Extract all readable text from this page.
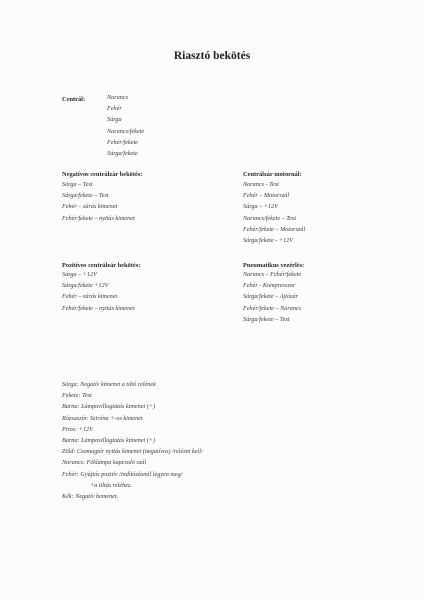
Riasztó bekötés
Centrál:	Narancs
Fehér
Sárga
Narancs/fekete
Fehér/fekete
Sárga/fekete
Negatívos centrálzár bekötés:
Sárga – Test
Sárga/fekete – Test
Fehér – zárás kimenet
Fehér/fekete – nyitás kimenet
Centrálzár motornál:
Narancs - Test
Fehér – Motorszál
Sárga – +12V
Narancs/fekete – Test
Fehér/fekete – Motorszál
Sárga/fekete - +12V
Pozitívos centrálzár bekötés:
Sárga – +12V
Sárga/fekete +12V
Fehér – zárás kimenet
Fehér/fekete – nyitás kimenet
Pneumatikus vezérlés:
Narancs – Fehér/fekete
Fehér - Kompresszor
Sárga/fekete – Ajtózár
Fehér/fekete – Narancs
Sárga/fekete – Test
Sárga: Negatív kimenet a tiltó relének
Fekete: Test
Barna: Lámpavillogtatás kimenet (+)
Rózsaszín: Sziréna +-os kimenet
Piros: +12V
Barna: Lámpavillogtatás kimenet (+)
Zöld: Csomagtér nyitás kimenet (negatívos) /relézni kell/
Narancs: Féklámpa kapcsoló szál
Fehér: Gyújtás pozitív /indítózásnál legyen meg/
+a tiltás reléhez.
Kék: Negatív bemenet.
